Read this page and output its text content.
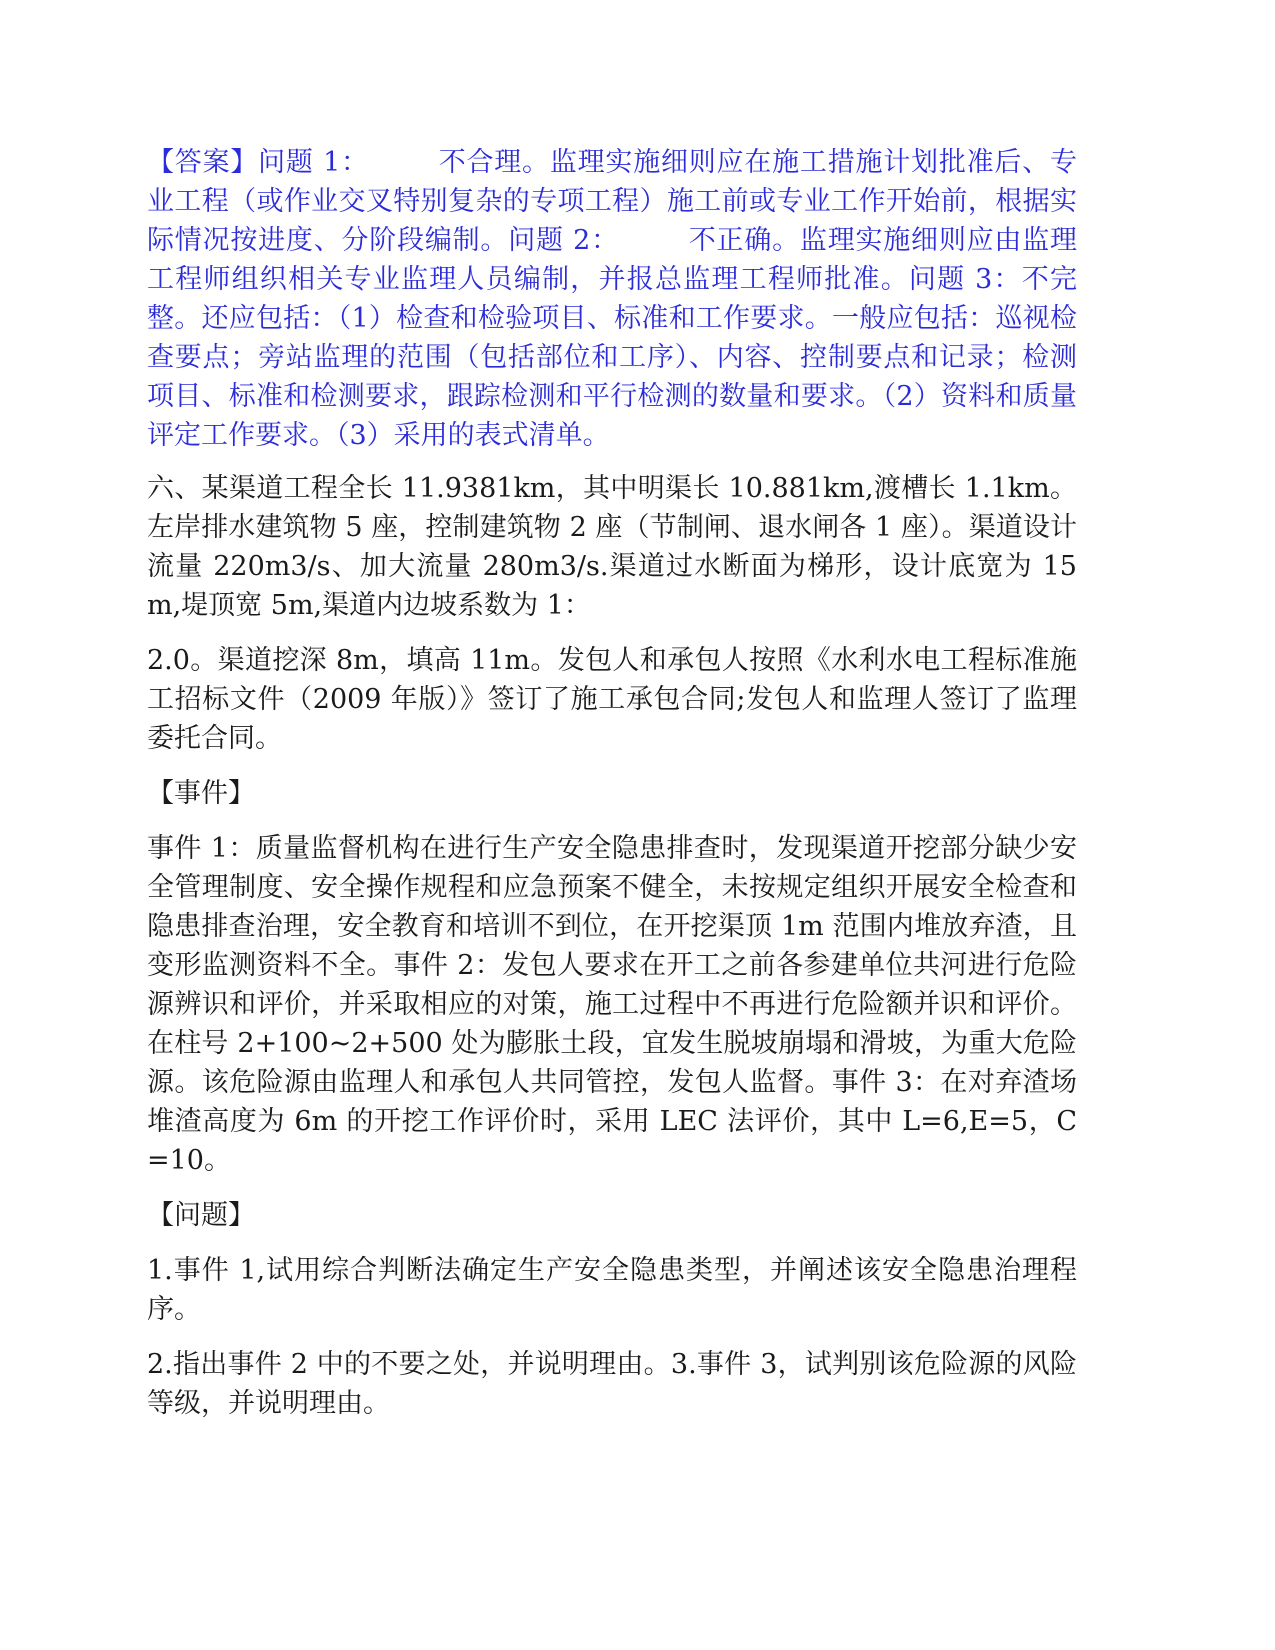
【答案】问题 1：　　　不合理。监理实施细则应在施工措施计划批准后、专业工程（或作业交叉特别复杂的专项工程）施工前或专业工作开始前，根据实际情况按进度、分阶段编制。问题 2：　　　不正确。监理实施细则应由监理工程师组织相关专业监理人员编制，并报总监理工程师批准。问题 3：不完整。还应包括：（1）检查和检验项目、标准和工作要求。一般应包括：巡视检查要点；旁站监理的范围（包括部位和工序）、内容、控制要点和记录；检测项目、标准和检测要求，跟踪检测和平行检测的数量和要求。（2）资料和质量评定工作要求。（3）采用的表式清单。

六、某渠道工程全长 11.9381km，其中明渠长 10.881km,渡槽长 1.1km。左岸排水建筑物 5 座，控制建筑物 2 座（节制闸、退水闸各 1 座）。渠道设计流量 220m3/s、加大流量 280m3/s.渠道过水断面为梯形，设计底宽为 15m,堤顶宽 5m,渠道内边坡系数为 1：

2.0。渠道挖深 8m，填高 11m。发包人和承包人按照《水利水电工程标准施工招标文件（2009 年版）》签订了施工承包合同;发包人和监理人签订了监理委托合同。

【事件】

事件 1：质量监督机构在进行生产安全隐患排查时，发现渠道开挖部分缺少安全管理制度、安全操作规程和应急预案不健全，未按规定组织开展安全检查和隐患排查治理，安全教育和培训不到位，在开挖渠顶 1m 范围内堆放弃渣，且变形监测资料不全。事件 2：发包人要求在开工之前各参建单位共河进行危险源辨识和评价，并采取相应的对策，施工过程中不再进行危险额并识和评价。在柱号 2+100~2+500 处为膨胀土段，宜发生脱坡崩塌和滑坡，为重大危险源。该危险源由监理人和承包人共同管控，发包人监督。事件 3：在对弃渣场堆渣高度为 6m 的开挖工作评价时，采用 LEC 法评价，其中 L=6,E=5，C=10。

【问题】

1.事件 1,试用综合判断法确定生产安全隐患类型，并阐述该安全隐患治理程序。

2.指出事件 2 中的不要之处，并说明理由。3.事件 3，试判别该危险源的风险等级，并说明理由。
